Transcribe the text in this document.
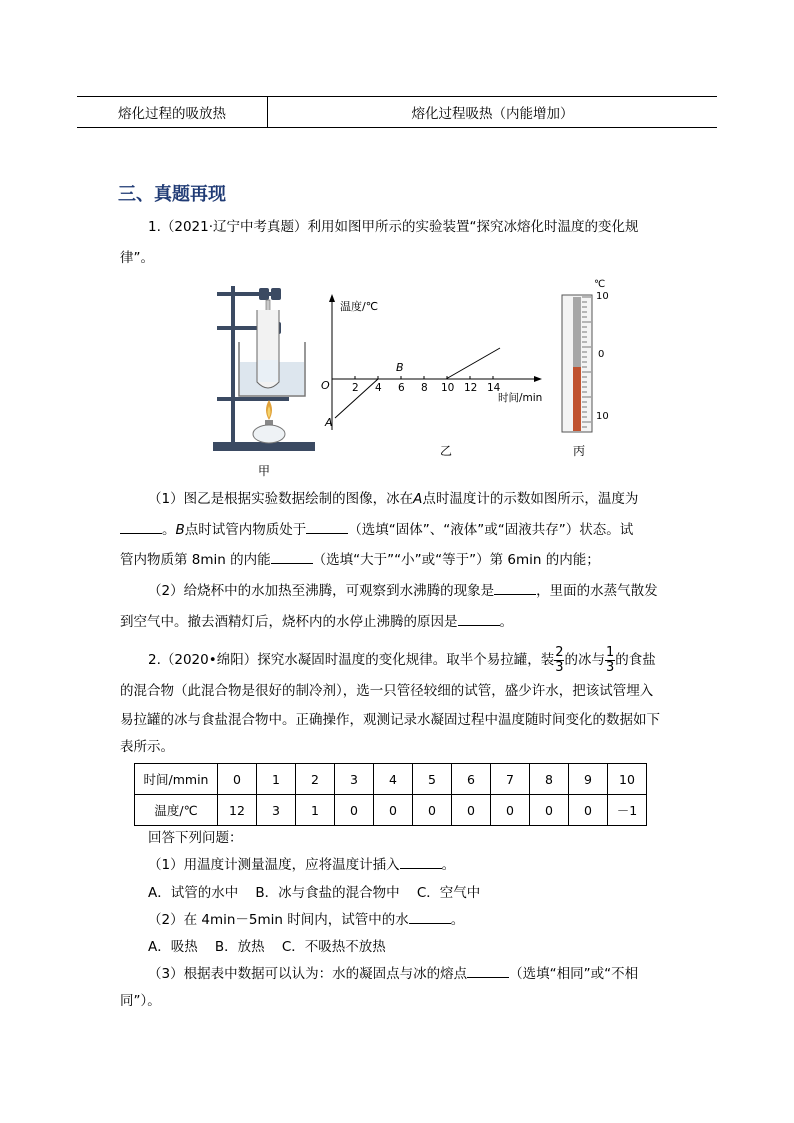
熔化过程的吸放热	熔化过程吸热（内能增加）
三、真题再现
1.（2021·辽宁中考真题）利用如图甲所示的实验装置“探究冰熔化时温度的变化规
律”。
甲
温度/℃
时间/min
O
A
B
2 4 6 8 10 12 14
乙
℃
10
0
10
丙
（1）图乙是根据实验数据绘制的图像，冰在A点时温度计的示数如图所示，温度为
。B点时试管内物质处于	（选填“固体”、“液体”或“固液共存”）状态。试
管内物质第 8min 的内能	（选填“大于”“小”或“等于”）第 6min 的内能；
（2）给烧杯中的水加热至沸腾，可观察到水沸腾的现象是	，里面的水蒸气散发
到空气中。撤去酒精灯后，烧杯内的水停止沸腾的原因是	。
2.（2020•绵阳）探究水凝固时温度的变化规律。取半个易拉罐，装 $\frac{2}{3}$ 的冰与 $\frac{1}{3}$ 的食盐
的混合物（此混合物是很好的制冷剂），选一只管径较细的试管，盛少许水，把该试管埋入
易拉罐的冰与食盐混合物中。正确操作，观测记录水凝固过程中温度随时间变化的数据如下
表所示。
时间/mmin	0	1	2	3	4	5	6	7	8	9	10
温度/℃	12	3	1	0	0	0	0	0	0	0	－1
回答下列问题：
（1）用温度计测量温度，应将温度计插入	。
A．试管的水中    B．冰与食盐的混合物中    C．空气中
（2）在 4min－5min 时间内，试管中的水	。
A．吸热    B．放热    C．不吸热不放热
（3）根据表中数据可以认为：水的凝固点与冰的熔点	（选填“相同”或“不相
同”）。
